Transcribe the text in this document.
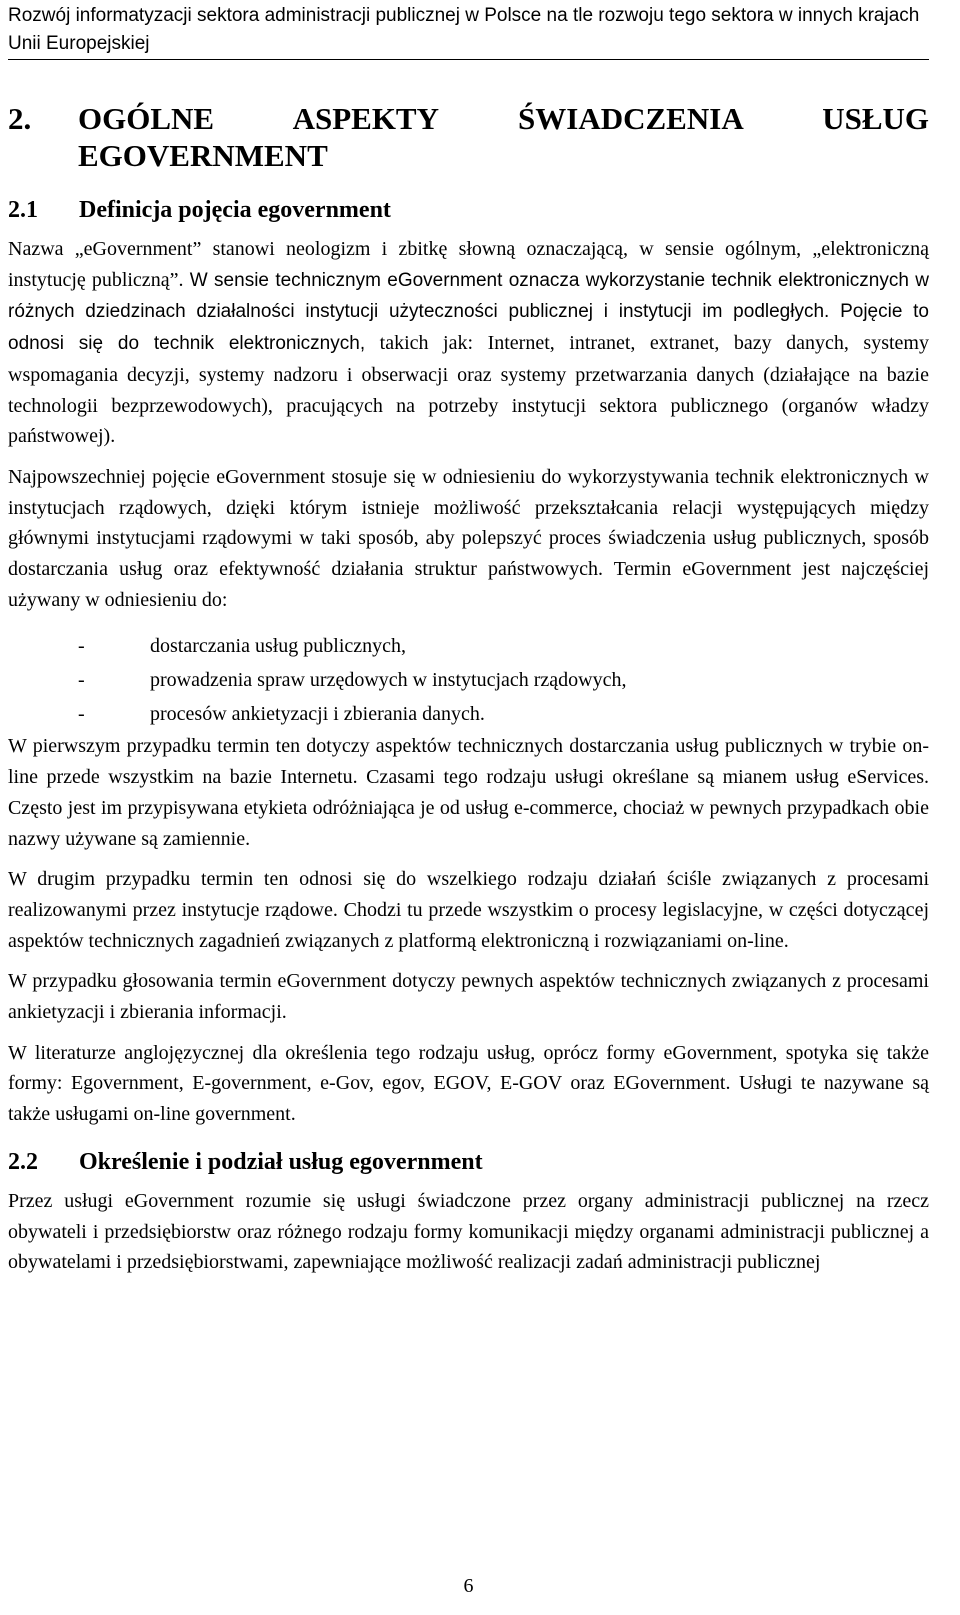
Rozwój informatyzacji sektora administracji publicznej w Polsce na tle rozwoju tego sektora w innych krajach Unii Europejskiej
2.	OGÓLNE ASPEKTY ŚWIADCZENIA USŁUG
EGOVERNMENT
2.1	Definicja pojęcia egovernment

Nazwa „eGovernment” stanowi neologizm i zbitkę słowną oznaczającą, w sensie ogólnym, „elektroniczną instytucję publiczną”. W sensie technicznym eGovernment oznacza wykorzystanie technik elektronicznych w różnych dziedzinach działalności instytucji użyteczności publicznej i instytucji im podległych. Pojęcie to odnosi się do technik elektronicznych, takich jak: Internet, intranet, extranet, bazy danych, systemy wspomagania decyzji, systemy nadzoru i obserwacji oraz systemy przetwarzania danych (działające na bazie technologii bezprzewodowych), pracujących na potrzeby instytucji sektora publicznego (organów władzy państwowej).

Najpowszechniej pojęcie eGovernment stosuje się w odniesieniu do wykorzystywania technik elektronicznych w instytucjach rządowych, dzięki którym istnieje możliwość przekształcania relacji występujących między głównymi instytucjami rządowymi w taki sposób, aby polepszyć proces świadczenia usług publicznych, sposób dostarczania usług oraz efektywność działania struktur państwowych. Termin eGovernment jest najczęściej używany w odniesieniu do:

-	dostarczania usług publicznych,
-	prowadzenia spraw urzędowych w instytucjach rządowych,
-	procesów ankietyzacji i zbierania danych.

W pierwszym przypadku termin ten dotyczy aspektów technicznych dostarczania usług publicznych w trybie on-line przede wszystkim na bazie Internetu. Czasami tego rodzaju usługi określane są mianem usług eServices. Często jest im przypisywana etykieta odróżniająca je od usług e-commerce, chociaż w pewnych przypadkach obie nazwy używane są zamiennie.

W drugim przypadku termin ten odnosi się do wszelkiego rodzaju działań ściśle związanych z procesami realizowanymi przez instytucje rządowe. Chodzi tu przede wszystkim o procesy legislacyjne, w części dotyczącej aspektów technicznych zagadnień związanych z platformą elektroniczną i rozwiązaniami on-line.

W przypadku głosowania termin eGovernment dotyczy pewnych aspektów technicznych związanych z procesami ankietyzacji i zbierania informacji.

W literaturze anglojęzycznej dla określenia tego rodzaju usług, oprócz formy eGovernment, spotyka się także formy: Egovernment, E-government, e-Gov, egov, EGOV, E-GOV oraz EGovernment. Usługi te nazywane są także usługami on-line government.

2.2	Określenie i podział usług egovernment

Przez usługi eGovernment rozumie się usługi świadczone przez organy administracji publicznej na rzecz obywateli i przedsiębiorstw oraz różnego rodzaju formy komunikacji między organami administracji publicznej a obywatelami i przedsiębiorstwami, zapewniające możliwość realizacji zadań administracji publicznej

6
